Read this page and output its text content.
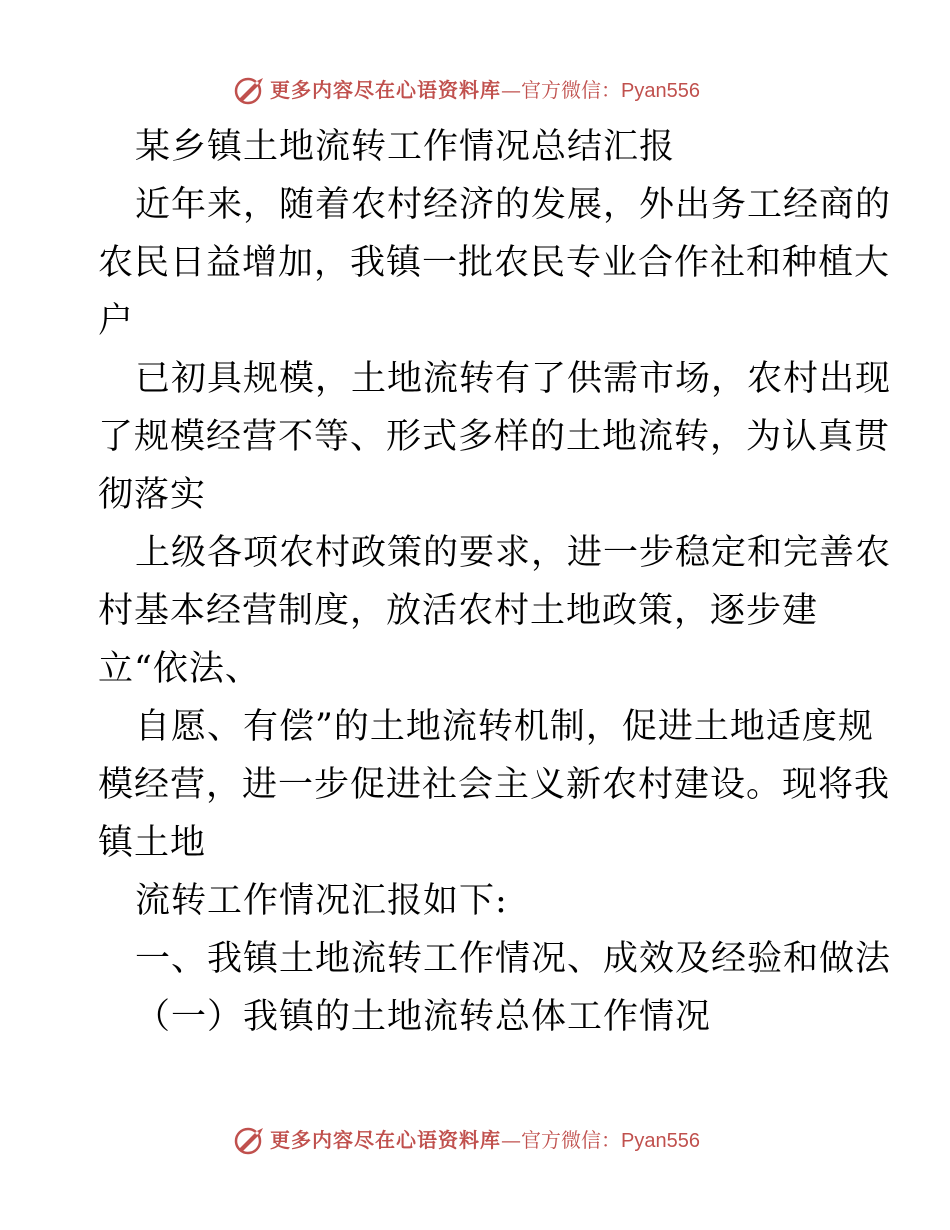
更多内容尽在心语资料库—官方微信：Pyan556
某乡镇土地流转工作情况总结汇报
近年来，随着农村经济的发展，外出务工经商的
农民日益增加，我镇一批农民专业合作社和种植大
户
已初具规模，土地流转有了供需市场，农村出现
了规模经营不等、形式多样的土地流转，为认真贯
彻落实
上级各项农村政策的要求，进一步稳定和完善农
村基本经营制度，放活农村土地政策，逐步建
立“依法、
自愿、有偿”的土地流转机制，促进土地适度规
模经营，进一步促进社会主义新农村建设。现将我
镇土地
流转工作情况汇报如下:
一、我镇土地流转工作情况、成效及经验和做法
（一）我镇的土地流转总体工作情况
更多内容尽在心语资料库—官方微信：Pyan556
